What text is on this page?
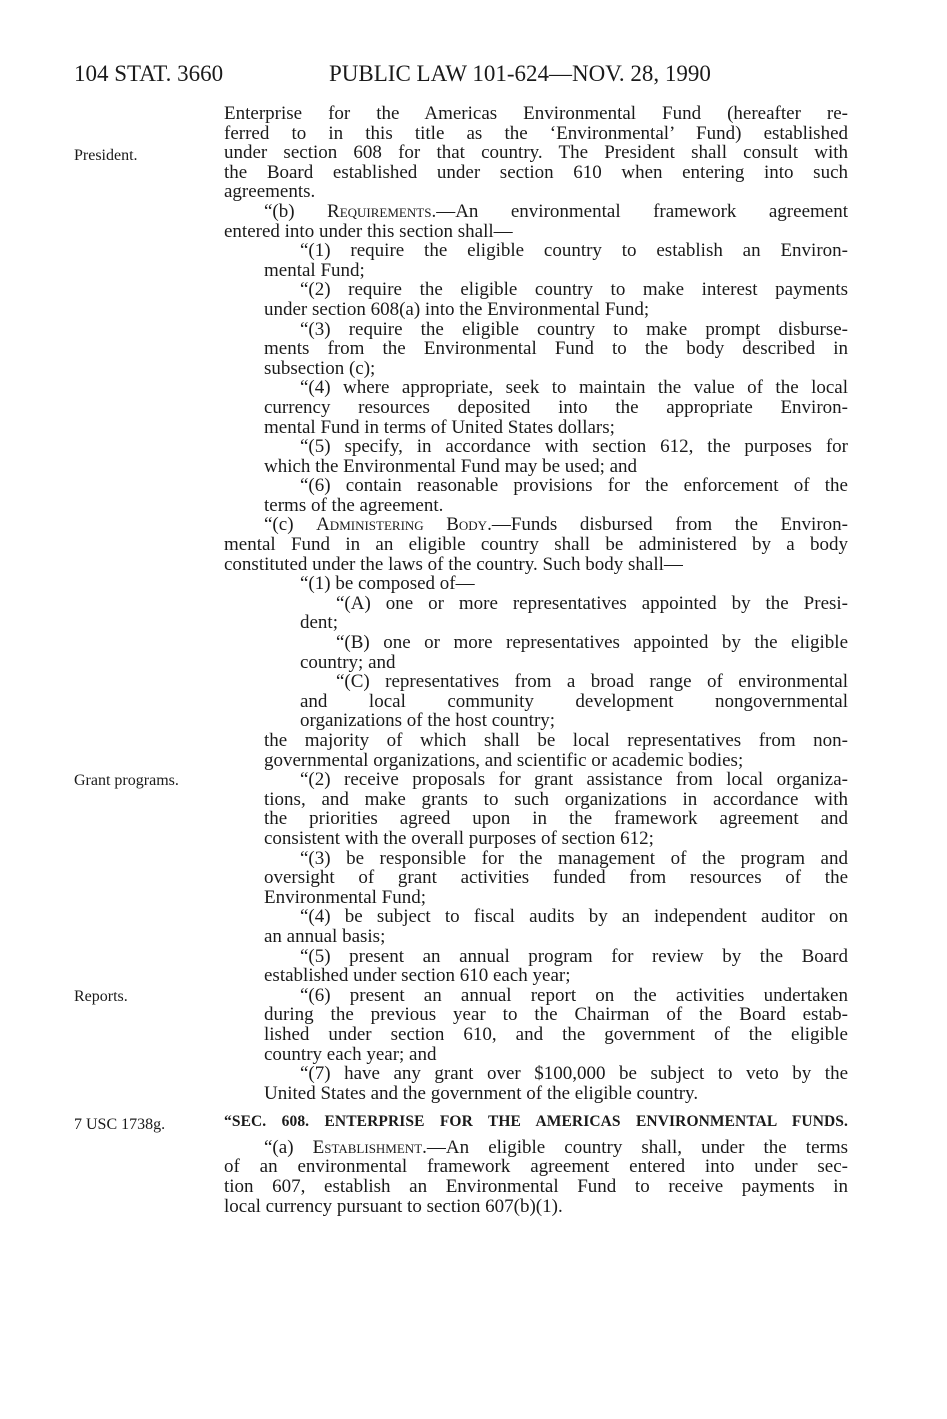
104 STAT. 3660	PUBLIC LAW 101-624—NOV. 28, 1990
President.
Grant programs.
Reports.
7 USC 1738g.
Enterprise for the Americas Environmental Fund (hereafter re-
ferred to in this title as the ‘Environmental’ Fund) established
under section 608 for that country. The President shall consult with
the Board established under section 610 when entering into such
agreements.
“(b) Requirements.—An environmental framework agreement
entered into under this section shall—
“(1) require the eligible country to establish an Environ-
mental Fund;
“(2) require the eligible country to make interest payments
under section 608(a) into the Environmental Fund;
“(3) require the eligible country to make prompt disburse-
ments from the Environmental Fund to the body described in
subsection (c);
“(4) where appropriate, seek to maintain the value of the local
currency resources deposited into the appropriate Environ-
mental Fund in terms of United States dollars;
“(5) specify, in accordance with section 612, the purposes for
which the Environmental Fund may be used; and
“(6) contain reasonable provisions for the enforcement of the
terms of the agreement.
“(c) Administering Body.—Funds disbursed from the Environ-
mental Fund in an eligible country shall be administered by a body
constituted under the laws of the country. Such body shall—
“(1) be composed of—
“(A) one or more representatives appointed by the Presi-
dent;
“(B) one or more representatives appointed by the eligible
country; and
“(C) representatives from a broad range of environmental
and local community development nongovernmental
organizations of the host country;
the majority of which shall be local representatives from non-
governmental organizations, and scientific or academic bodies;
“(2) receive proposals for grant assistance from local organiza-
tions, and make grants to such organizations in accordance with
the priorities agreed upon in the framework agreement and
consistent with the overall purposes of section 612;
“(3) be responsible for the management of the program and
oversight of grant activities funded from resources of the
Environmental Fund;
“(4) be subject to fiscal audits by an independent auditor on
an annual basis;
“(5) present an annual program for review by the Board
established under section 610 each year;
“(6) present an annual report on the activities undertaken
during the previous year to the Chairman of the Board estab-
lished under section 610, and the government of the eligible
country each year; and
“(7) have any grant over $100,000 be subject to veto by the
United States and the government of the eligible country.
“SEC. 608. ENTERPRISE FOR THE AMERICAS ENVIRONMENTAL FUNDS.
“(a) Establishment.—An eligible country shall, under the terms
of an environmental framework agreement entered into under sec-
tion 607, establish an Environmental Fund to receive payments in
local currency pursuant to section 607(b)(1).
